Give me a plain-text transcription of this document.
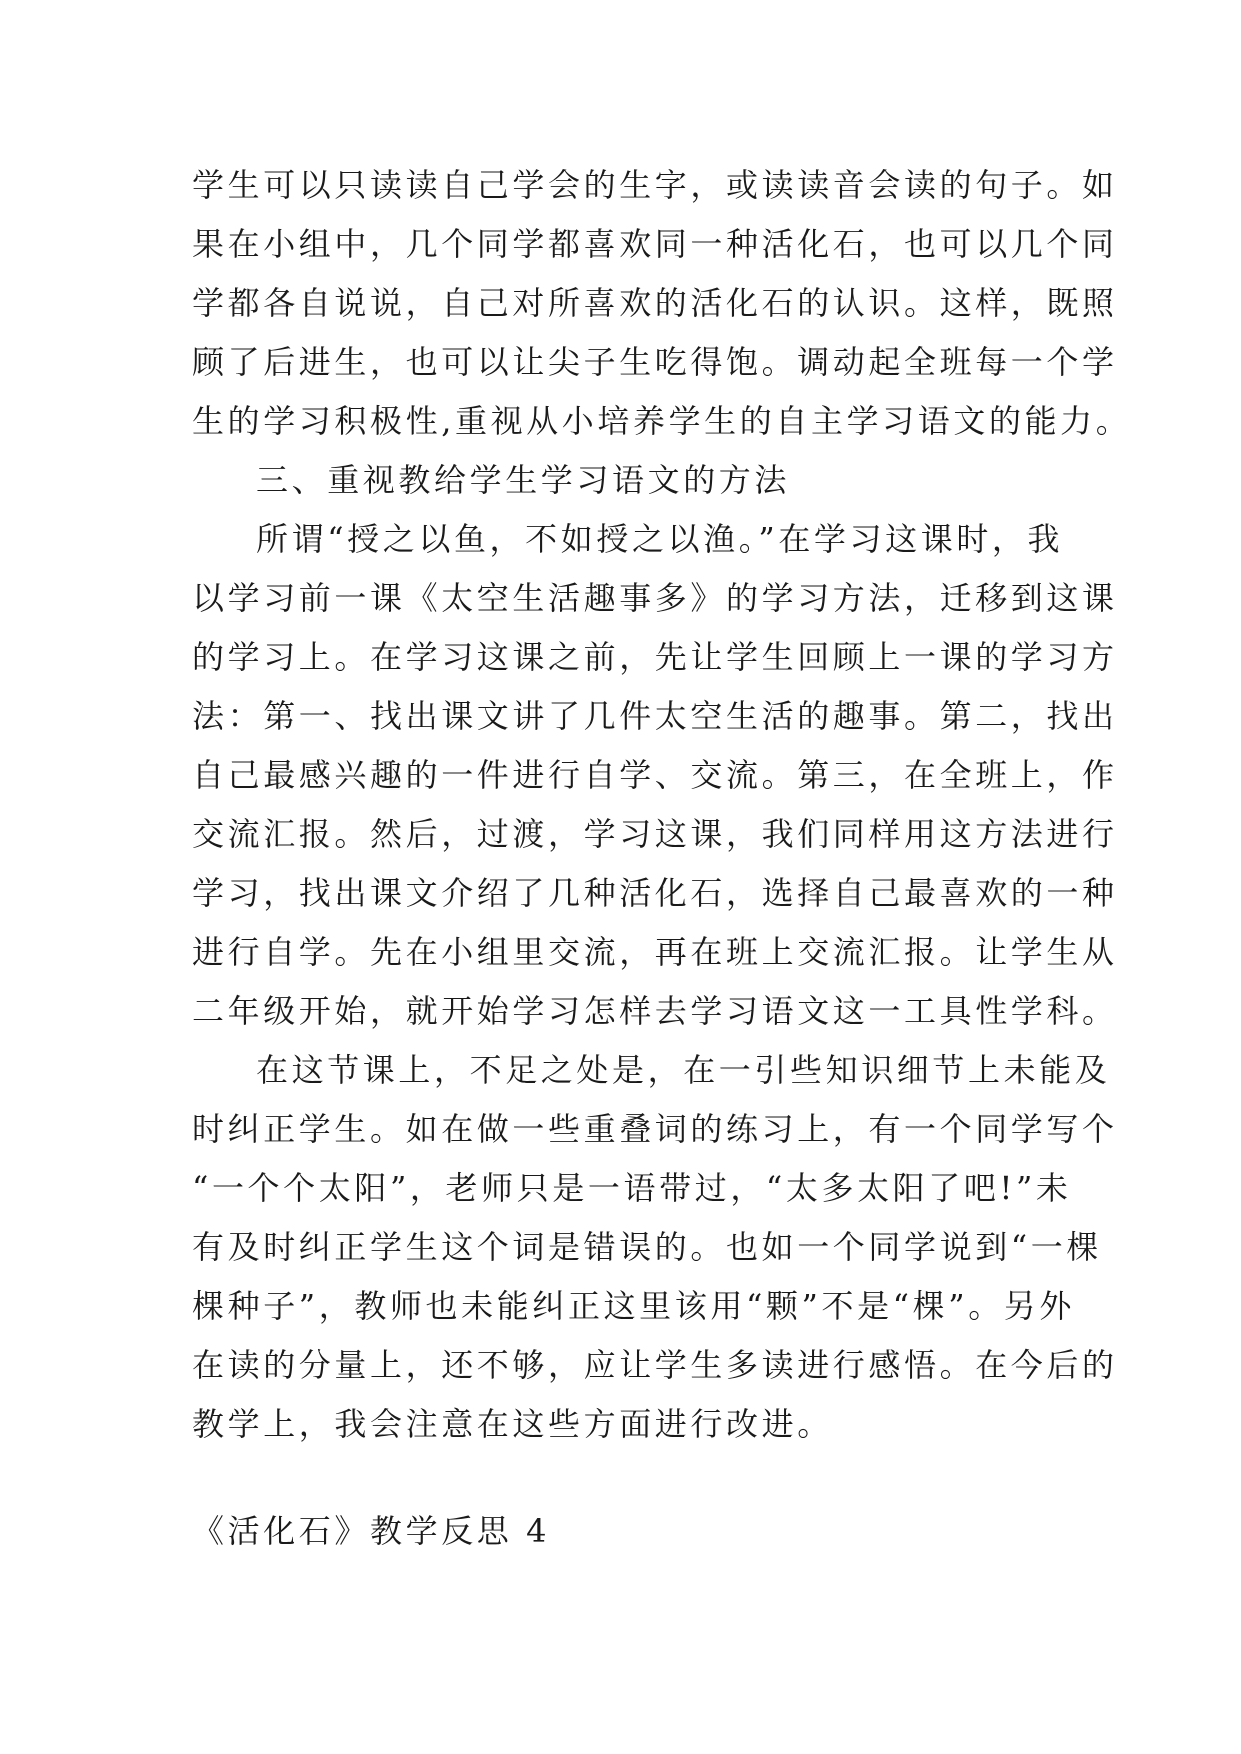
学生可以只读读自己学会的生字，或读读音会读的句子。如
果在小组中，几个同学都喜欢同一种活化石，也可以几个同
学都各自说说，自己对所喜欢的活化石的认识。这样，既照
顾了后进生，也可以让尖子生吃得饱。调动起全班每一个学
生的学习积极性,重视从小培养学生的自主学习语文的能力。
三、重视教给学生学习语文的方法
所谓“授之以鱼，不如授之以渔。”在学习这课时，我
以学习前一课《太空生活趣事多》的学习方法，迁移到这课
的学习上。在学习这课之前，先让学生回顾上一课的学习方
法：第一、找出课文讲了几件太空生活的趣事。第二，找出
自己最感兴趣的一件进行自学、交流。第三，在全班上，作
交流汇报。然后，过渡，学习这课，我们同样用这方法进行
学习，找出课文介绍了几种活化石，选择自己最喜欢的一种
进行自学。先在小组里交流，再在班上交流汇报。让学生从
二年级开始，就开始学习怎样去学习语文这一工具性学科。
在这节课上，不足之处是，在一引些知识细节上未能及
时纠正学生。如在做一些重叠词的练习上，有一个同学写个
“一个个太阳”，老师只是一语带过，“太多太阳了吧!”未
有及时纠正学生这个词是错误的。也如一个同学说到“一棵
棵种子”，教师也未能纠正这里该用“颗”不是“棵”。另外
在读的分量上，还不够，应让学生多读进行感悟。在今后的
教学上，我会注意在这些方面进行改进。
《活化石》教学反思 4
